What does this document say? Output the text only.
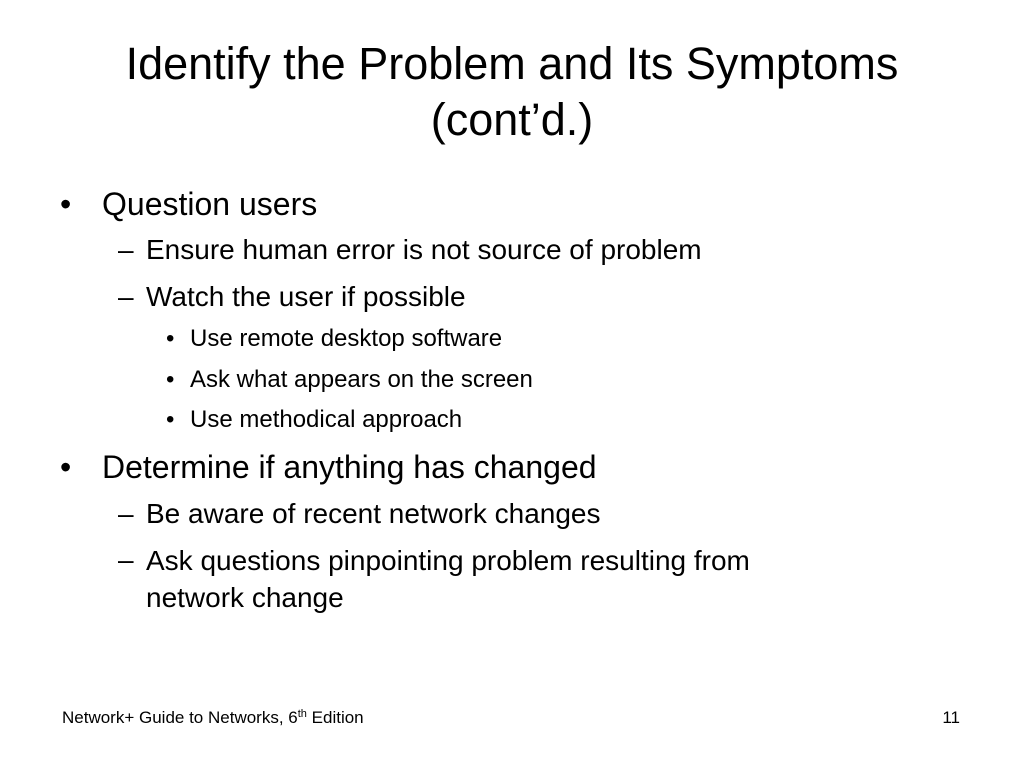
Identify the Problem and Its Symptoms
(cont’d.)
• Question users
– Ensure human error is not source of problem
– Watch the user if possible
• Use remote desktop software
• Ask what appears on the screen
• Use methodical approach
• Determine if anything has changed
– Be aware of recent network changes
– Ask questions pinpointing problem resulting from
network change
Network+ Guide to Networks, 6th Edition	11
